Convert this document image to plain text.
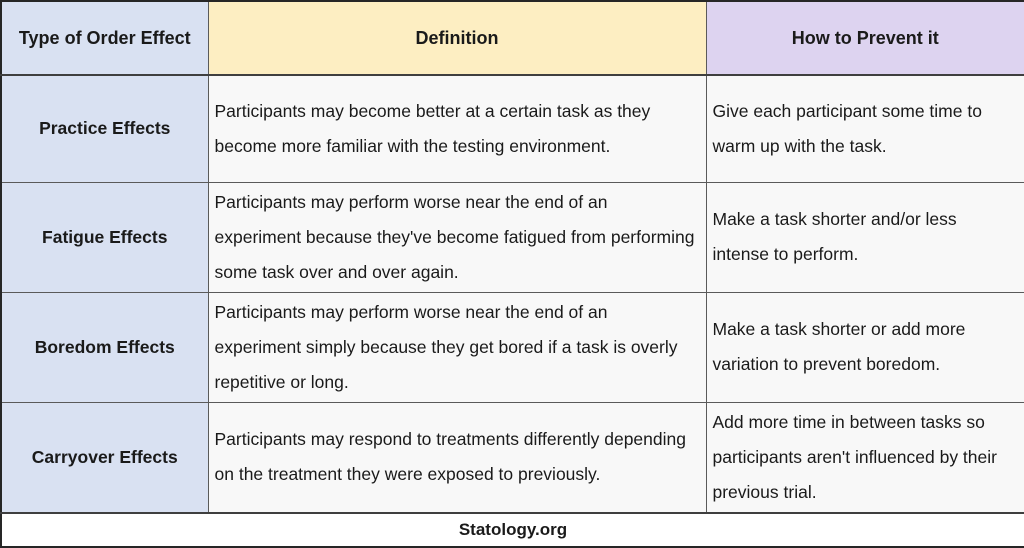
Type of Order Effect	Definition	How to Prevent it
Practice Effects	Participants may become better at a certain task as they become more familiar with the testing environment.	Give each participant some time to warm up with the task.
Fatigue Effects	Participants may perform worse near the end of an experiment because they've become fatigued from performing some task over and over again.	Make a task shorter and/or less intense to perform.
Boredom Effects	Participants may perform worse near the end of an experiment simply because they get bored if a task is overly repetitive or long.	Make a task shorter or add more variation to prevent boredom.
Carryover Effects	Participants may respond to treatments differently depending on the treatment they were exposed to previously.	Add more time in between tasks so participants aren't influenced by their previous trial.
Statology.org		
